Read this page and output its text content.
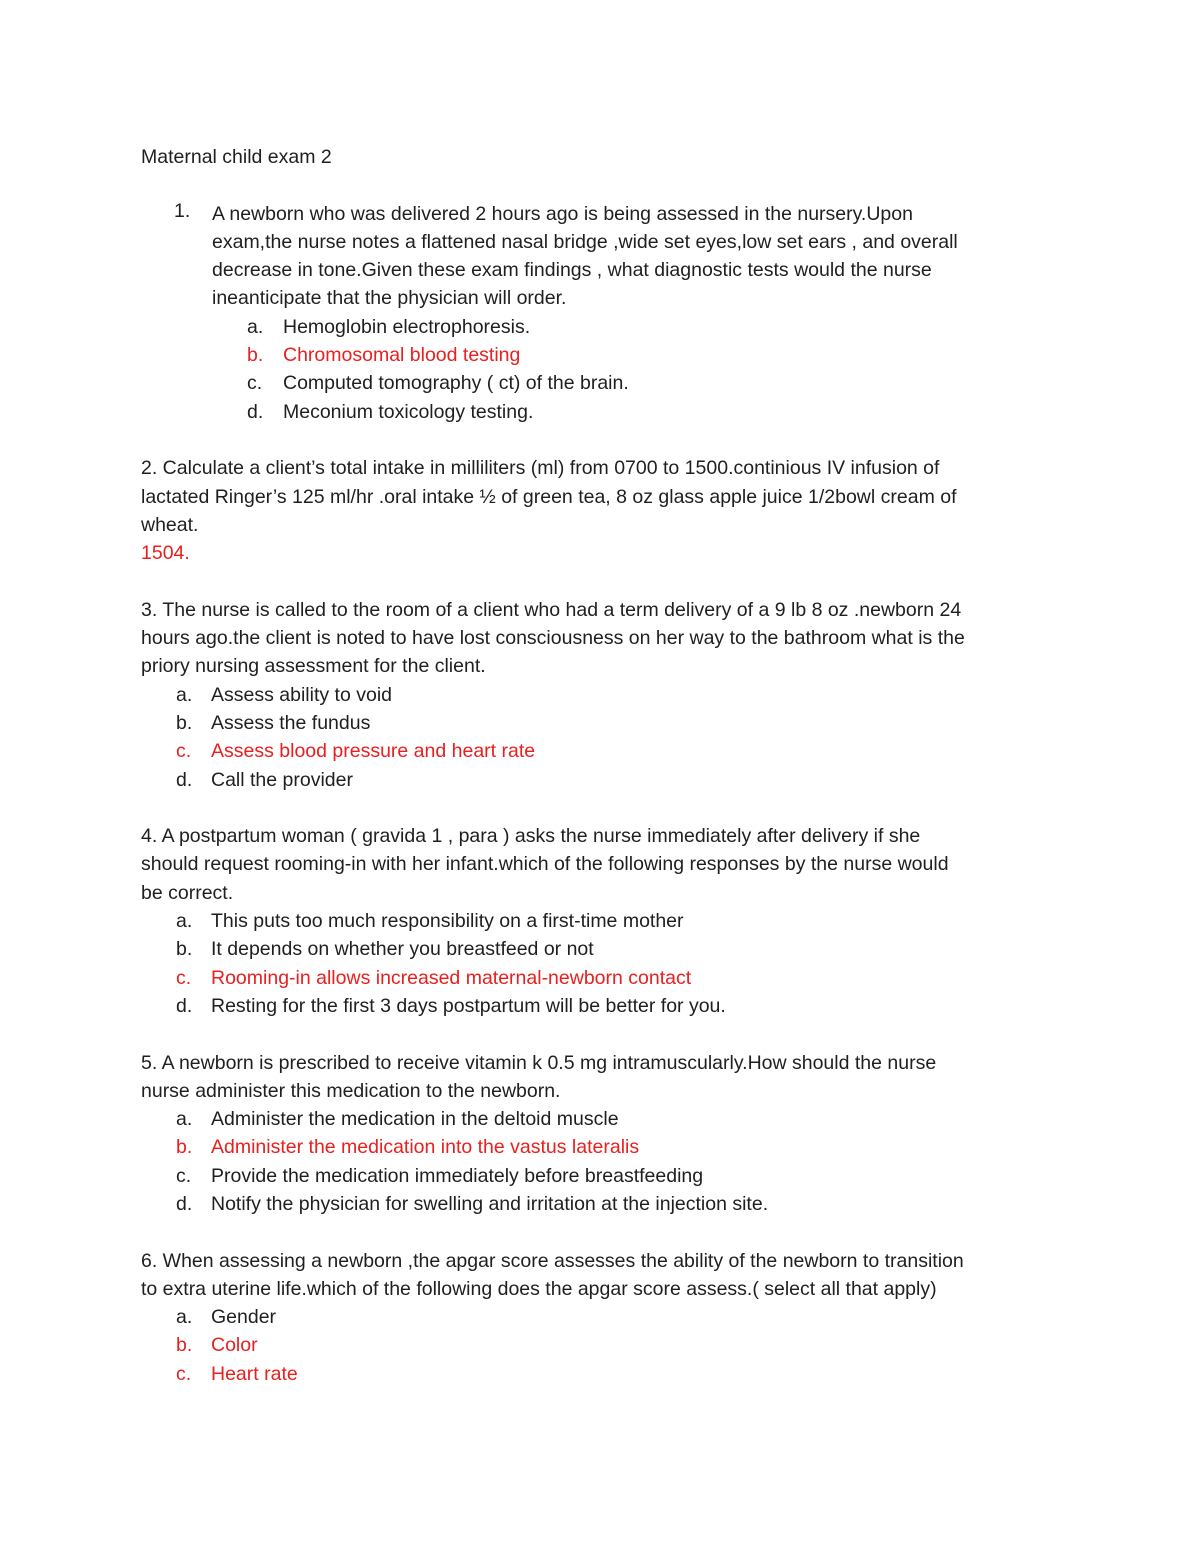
Maternal child exam 2
1. A newborn who was delivered 2 hours ago is being assessed in the nursery.Upon
exam,the nurse notes a flattened nasal bridge ,wide set eyes,low set ears , and overall
decrease in tone.Given these exam findings , what diagnostic tests would the nurse
ineanticipate that the physician will order.
a.	Hemoglobin electrophoresis.
b.	Chromosomal blood testing
c.	Computed tomography ( ct) of the brain.
d.	Meconium toxicology testing.
2. Calculate a client’s total intake in milliliters (ml) from 0700 to 1500.continious IV infusion of
lactated Ringer’s 125 ml/hr .oral intake ½ of green tea, 8 oz glass apple juice 1/2bowl cream of
wheat.
1504.
3. The nurse is called to the room of a client who had a term delivery of a 9 lb 8 oz .newborn 24
hours ago.the client is noted to have lost consciousness on her way to the bathroom what is the
priory nursing assessment for the client.
a. Assess ability to void
b. Assess the fundus
c.	Assess blood pressure and heart rate
d. Call the provider
4. A postpartum woman ( gravida 1 , para ) asks the nurse immediately after delivery if she
should request rooming-in with her infant.which of the following responses by the nurse would
be correct.
a. This puts too much responsibility on a first-time mother
b. It depends on whether you breastfeed or not
c.	Rooming-in allows increased maternal-newborn contact
d. Resting for the first 3 days postpartum will be better for you.
5. A newborn is prescribed to receive vitamin k 0.5 mg intramuscularly.How should the nurse
nurse administer this medication to the newborn.
a. Administer the medication in the deltoid muscle
b. Administer the medication into the vastus lateralis
c.	Provide the medication immediately before breastfeeding
d. Notify the physician for swelling and irritation at the injection site.
6. When assessing a newborn ,the apgar score assesses the ability of the newborn to transition
to extra uterine life.which of the following does the apgar score assess.( select all that apply)
a. Gender
b. Color
c.	Heart rate
